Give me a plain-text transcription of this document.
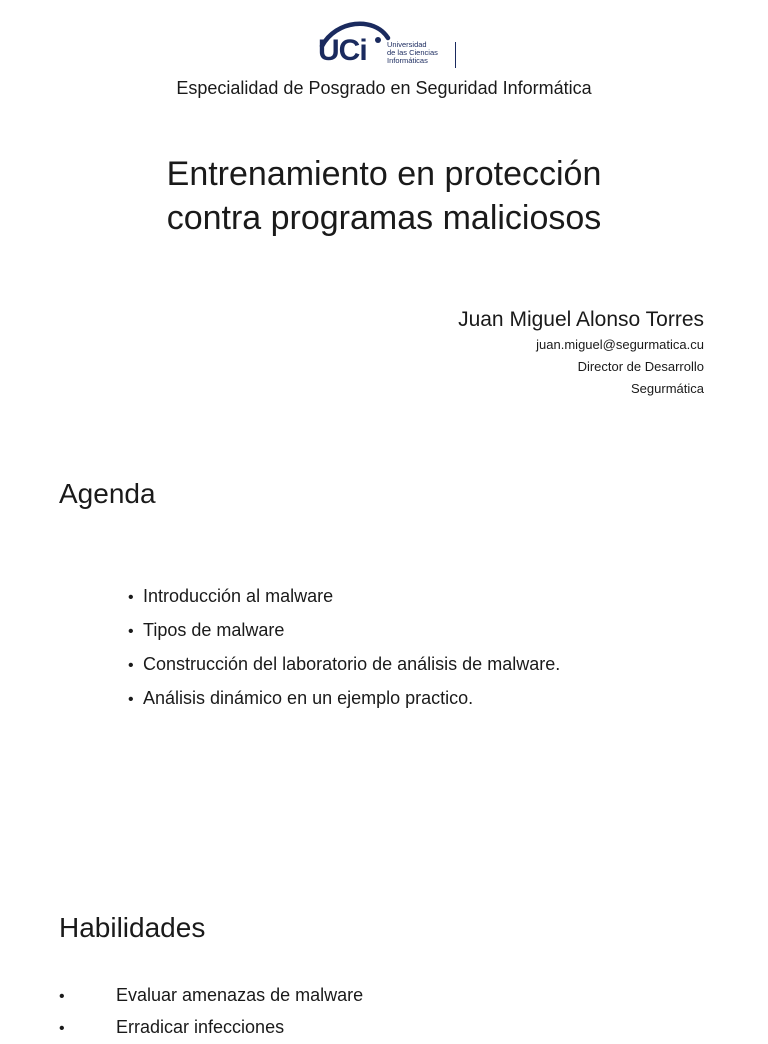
UCi	Universidad
de las Ciencias
Informáticas
Especialidad de Posgrado en Seguridad Informática
Entrenamiento en protección
contra programas maliciosos
Juan Miguel Alonso Torres
juan.miguel@segurmatica.cu
Director de Desarrollo
Segurmática
Agenda
• Introducción al malware
• Tipos de malware
• Construcción del laboratorio de análisis de malware.
• Análisis dinámico en un ejemplo practico.
Habilidades
•	Evaluar amenazas de malware
•	Erradicar infecciones
